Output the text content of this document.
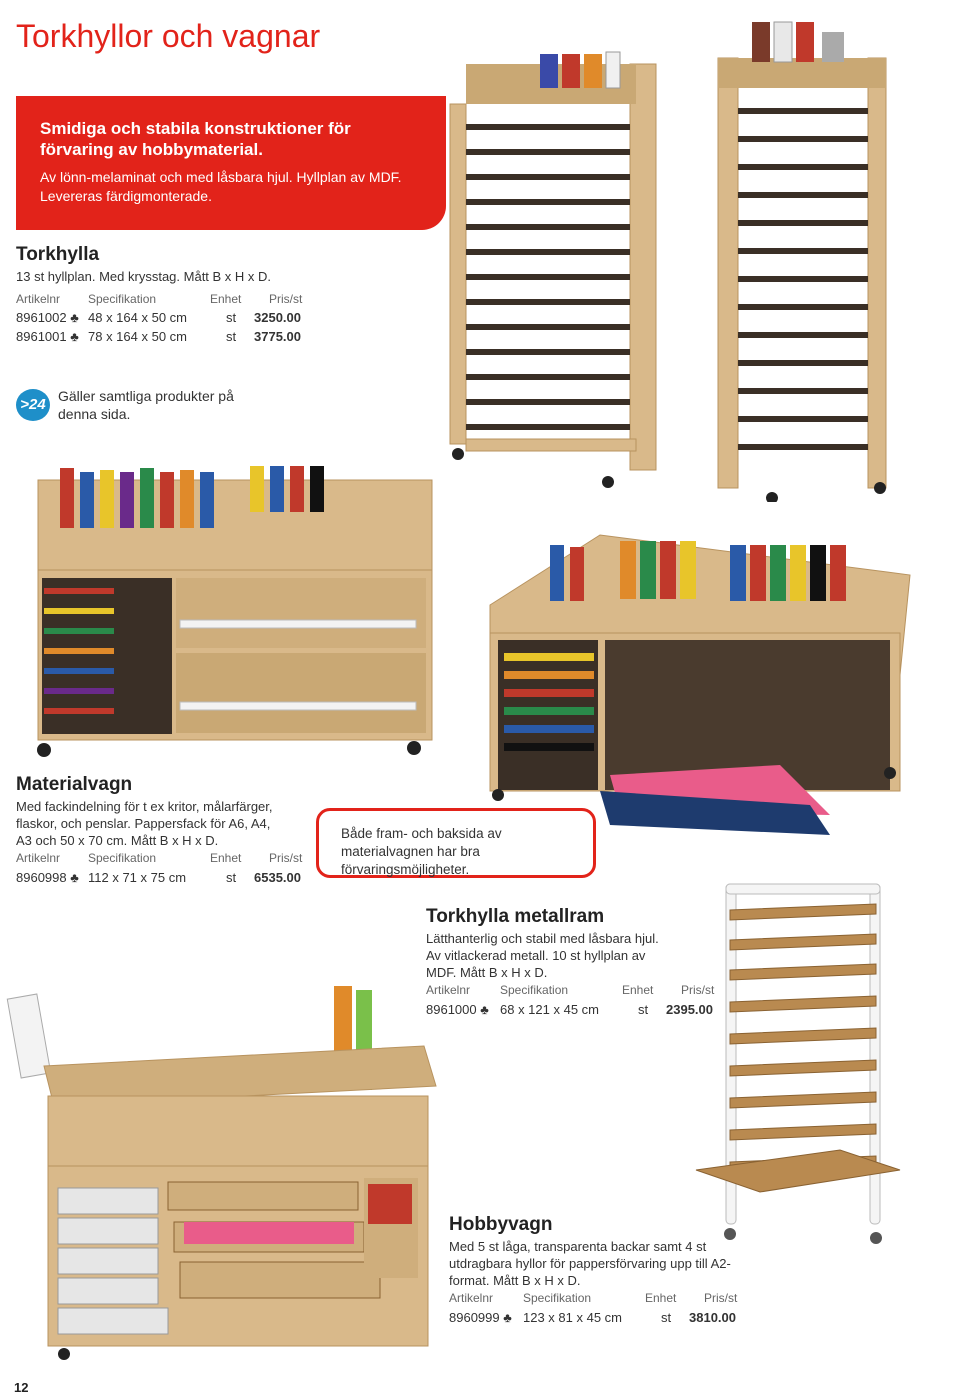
Torkhyllor och vagnar
Smidiga och stabila konstruktioner för förvaring av hobbymaterial.
Av lönn-melaminat och med låsbara hjul. Hyllplan av MDF. Levereras färdigmonterade.
Torkhylla
13 st hyllplan. Med krysstag. Mått B x H x D.
Artikelnr Specifikation	Enhet Pris/st
8961002 ♣ 48 x 164 x 50 cm	st 3250.00
8961001 ♣ 78 x 164 x 50 cm	st 3775.00
>24 Gäller samtliga produkter på denna sida.
Materialvagn
Med fackindelning för t ex kritor, målarfärger, flaskor, och penslar. Pappersfack för A6, A4, A3 och 50 x 70 cm. Mått B x H x D.
Artikelnr Specifikation	Enhet Pris/st
8960998 ♣ 112 x 71 x 75 cm	st 6535.00
Både fram- och baksida av materialvagnen har bra förvaringsmöjligheter.
Torkhylla metallram
Lätthanterlig och stabil med låsbara hjul. Av vitlackerad metall. 10 st hyllplan av MDF. Mått B x H x D.
Artikelnr Specifikation	Enhet Pris/st
8961000 ♣ 68 x 121 x 45 cm	st 2395.00
Hobbyvagn
Med 5 st låga, transparenta backar samt 4 st utdragbara hyllor för pappersförvaring upp till A2-format. Mått B x H x D.
Artikelnr Specifikation	Enhet Pris/st
8960999 ♣ 123 x 81 x 45 cm	st 3810.00
12
